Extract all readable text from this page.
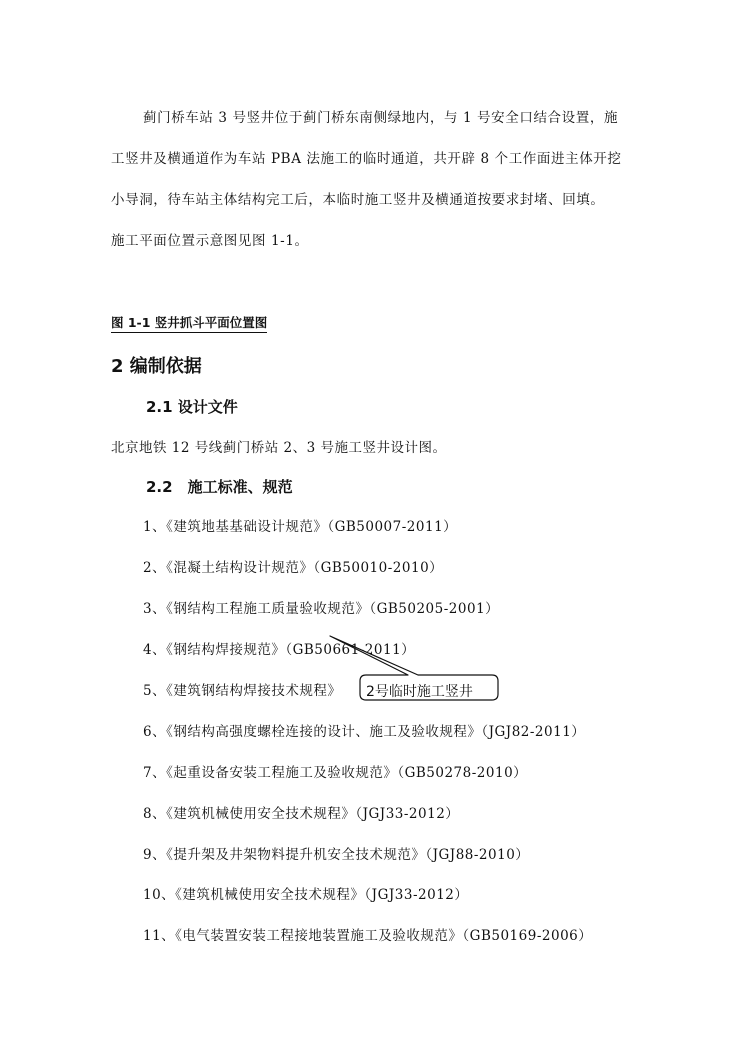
蓟门桥车站 3 号竖井位于蓟门桥东南侧绿地内，与 1 号安全口结合设置，施
工竖井及横通道作为车站 PBA 法施工的临时通道，共开辟 8 个工作面进主体开挖
小导洞，待车站主体结构完工后，本临时施工竖井及横通道按要求封堵、回填。
施工平面位置示意图见图 1-1。
图 1-1 竖井抓斗平面位置图
2 编制依据
2.1 设计文件
北京地铁 12 号线蓟门桥站 2、3 号施工竖井设计图。
2.2　施工标准、规范
1、《建筑地基基础设计规范》（GB50007-2011）
2、《混凝土结构设计规范》（GB50010-2010）
3、《钢结构工程施工质量验收规范》（GB50205-2001）
4、《钢结构焊接规范》（GB50661-2011）
5、《建筑钢结构焊接技术规程》
6、《钢结构高强度螺栓连接的设计、施工及验收规程》（JGJ82-2011）
7、《起重设备安装工程施工及验收规范》（GB50278-2010）
8、《建筑机械使用安全技术规程》（JGJ33-2012）
9、《提升架及井架物料提升机安全技术规范》（JGJ88-2010）
10、《建筑机械使用安全技术规程》（JGJ33-2012）
11、《电气装置安装工程接地装置施工及验收规范》（GB50169-2006）
2号临时施工竖井
